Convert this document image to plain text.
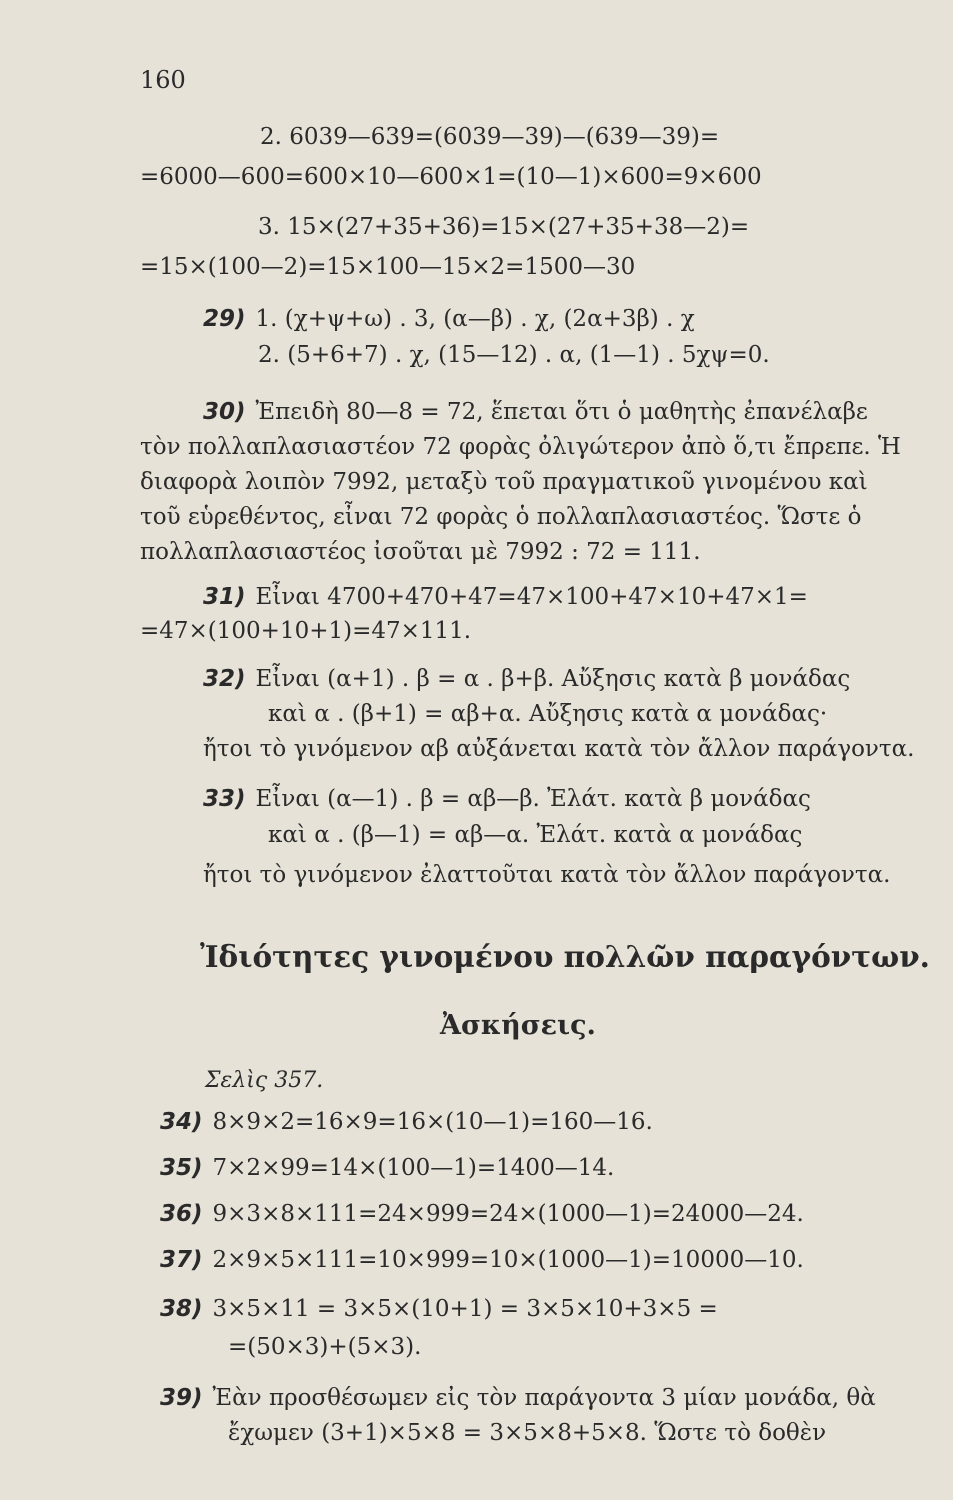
160
2. 6039—639=(6039—39)—(639—39)=
=6000—600=600×10—600×1=(10—1)×600=9×600
3. 15×(27+35+36)=15×(27+35+38—2)=
=15×(100—2)=15×100—15×2=1500—30
29) 1. (χ+ψ+ω) . 3, (α—β) . χ, (2α+3β) . χ
2. (5+6+7) . χ, (15—12) . α, (1—1) . 5χψ=0.
30) Ἐπειδὴ 80—8 = 72, ἕπεται ὅτι ὁ μαθητὴς ἐπανέλαβε
τὸν πολλαπλασιαστέον 72 φορὰς ὀλιγώτερον ἀπὸ ὅ,τι ἔπρεπε. Ἡ
διαφορὰ λοιπὸν 7992, μεταξὺ τοῦ πραγματικοῦ γινομένου καὶ
τοῦ εὑρεθέντος, εἶναι 72 φορὰς ὁ πολλαπλασιαστέος. Ὥστε ὁ
πολλαπλασιαστέος ἰσοῦται μὲ 7992 : 72 = 111.
31) Εἶναι 4700+470+47=47×100+47×10+47×1=
=47×(100+10+1)=47×111.
32) Εἶναι (α+1) . β = α . β+β. Αὔξησις κατὰ β μονάδας
καὶ α . (β+1) = αβ+α. Αὔξησις κατὰ α μονάδας·
ἤτοι τὸ γινόμενον αβ αὐξάνεται κατὰ τὸν ἄλλον παράγοντα.
33) Εἶναι (α—1) . β = αβ—β. Ἐλάτ. κατὰ β μονάδας
καὶ α . (β—1) = αβ—α. Ἐλάτ. κατὰ α μονάδας
ἤτοι τὸ γινόμενον ἐλαττοῦται κατὰ τὸν ἄλλον παράγοντα.
Ἰδιότητες γινομένου πολλῶν παραγόντων.
Ἀσκήσεις.
Σελὶς 357.
34) 8×9×2=16×9=16×(10—1)=160—16.
35) 7×2×99=14×(100—1)=1400—14.
36) 9×3×8×111=24×999=24×(1000—1)=24000—24.
37) 2×9×5×111=10×999=10×(1000—1)=10000—10.
38) 3×5×11 = 3×5×(10+1) = 3×5×10+3×5 =
=(50×3)+(5×3).
39) Ἐὰν προσθέσωμεν εἰς τὸν παράγοντα 3 μίαν μονάδα, θὰ
ἔχωμεν (3+1)×5×8 = 3×5×8+5×8. Ὥστε τὸ δοθὲν
